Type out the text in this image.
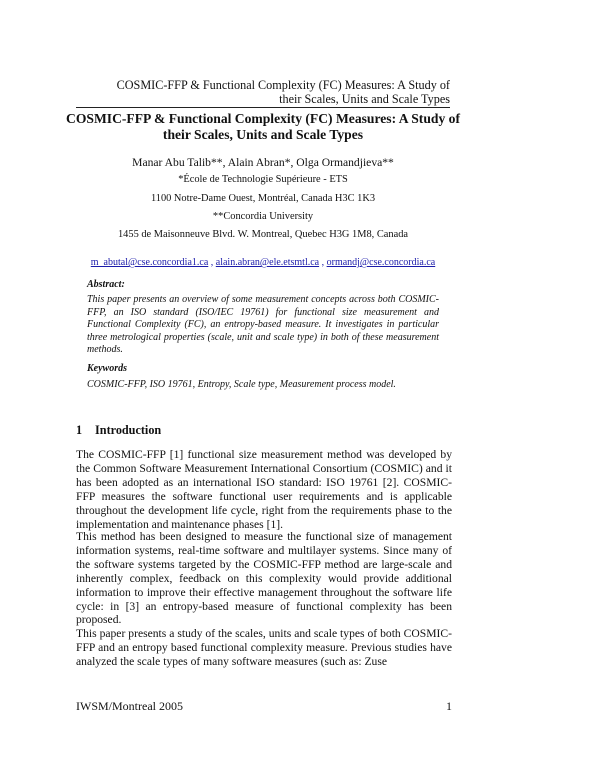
COSMIC-FFP & Functional Complexity (FC) Measures: A Study of
their Scales, Units and Scale Types
COSMIC-FFP & Functional Complexity (FC) Measures: A Study of
their Scales, Units and Scale Types
Manar Abu Talib**, Alain Abran*, Olga Ormandjieva**
*École de Technologie Supérieure - ETS
1100 Notre-Dame Ouest, Montréal, Canada H3C 1K3
**Concordia University
1455 de Maisonneuve Blvd. W. Montreal, Quebec H3G 1M8, Canada
m_abutal@cse.concordia1.ca , alain.abran@ele.etsmtl.ca , ormandj@cse.concordia.ca
Abstract:
This paper presents an overview of some measurement concepts across both COSMIC-FFP, an ISO standard (ISO/IEC 19761) for functional size measurement and Functional Complexity (FC), an entropy-based measure. It investigates in particular three metrological properties (scale, unit and scale type) in both of these measurement methods.
Keywords
COSMIC-FFP, ISO 19761, Entropy, Scale type, Measurement process model.
1 Introduction
The COSMIC-FFP [1] functional size measurement method was developed by the Common Software Measurement International Consortium (COSMIC) and it has been adopted as an international ISO standard: ISO 19761 [2]. COSMIC-FFP measures the software functional user requirements and is applicable throughout the development life cycle, right from the requirements phase to the implementation and maintenance phases [1].
This method has been designed to measure the functional size of management information systems, real-time software and multilayer systems. Since many of the software systems targeted by the COSMIC-FFP method are large-scale and inherently complex, feedback on this complexity would provide additional information to improve their effective management throughout the software life cycle: in [3] an entropy-based measure of functional complexity has been proposed.
This paper presents a study of the scales, units and scale types of both COSMIC-FFP and an entropy based functional complexity measure. Previous studies have analyzed the scale types of many software measures (such as: Zuse
IWSM/Montreal 2005	1
